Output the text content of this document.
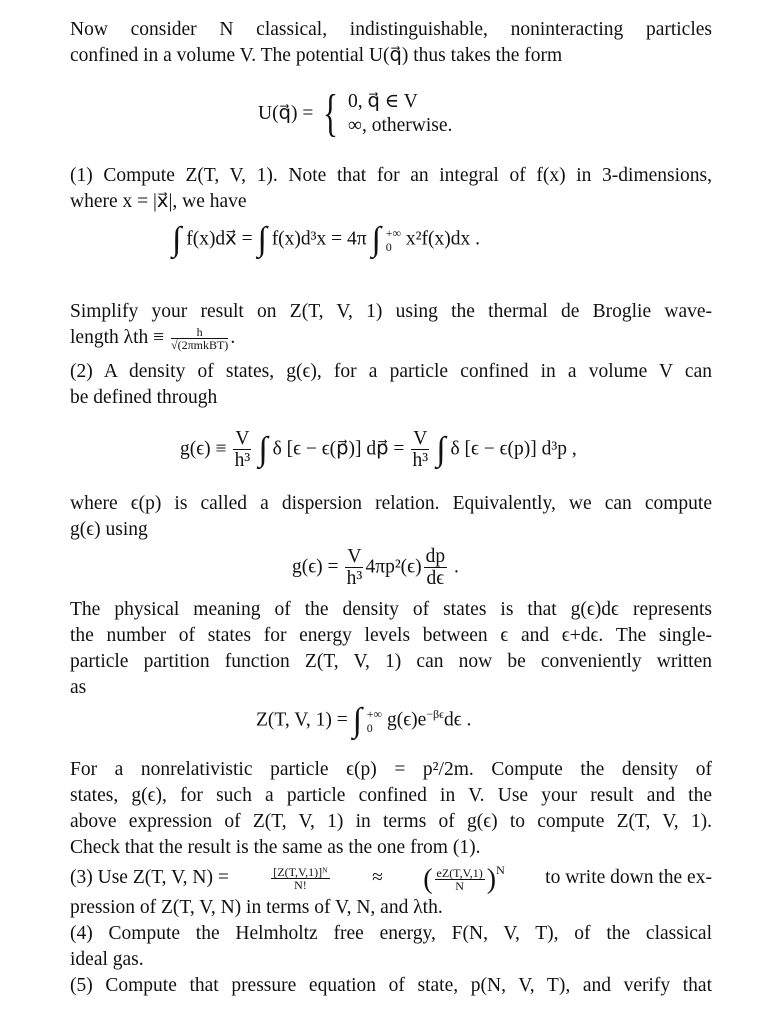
Now consider N classical, indistinguishable, noninteracting particles
confined in a volume V. The potential U(q⃗) thus takes the form
U(q⃗) = { 0, q⃗ ∈ V
∞, otherwise.
(1) Compute Z(T, V, 1). Note that for an integral of f(x) in 3-dimensions,
where x = |x⃗|, we have
∫ f(x)dx⃗ = ∫ f(x)d³x = 4π ∫ +∞
0 x²f(x)dx .
Simplify your result on Z(T, V, 1) using the thermal de Broglie wave-
length $\lambda th \equiv \frac{h}{\text{√(2πmkBT)}}$ .
(2) A density of states, g(ϵ), for a particle confined in a volume V can
be defined through
$g(\epsilon) \equiv \frac{V}{\text{h³}}$ ∫ δ [ϵ − ϵ(p⃗)] dp⃗ = $\frac{V}{\text{h³}}$ ∫ δ [ϵ − ϵ(p)] d³p ,
where ϵ(p) is called a dispersion relation. Equivalently, we can compute
g(ϵ) using
$g(\epsilon) = \frac{V}{\text{h³}} 4\pi p^2(\epsilon) \frac{dp}{d\epsilon}$ .
The physical meaning of the density of states is that g(ϵ)dϵ represents
the number of states for energy levels between ϵ and ϵ+dϵ. The single-
particle partition function Z(T, V, 1) can now be conveniently written
as
Z(T, V, 1) = ∫ +∞
0 $g(\epsilon)e^{-\beta\epsilon}d\epsilon$ .
For a nonrelativistic particle ϵ(p) = p²/2m. Compute the density of
states, g(ϵ), for such a particle confined in V. Use your result and the
above expression of Z(T, V, 1) in terms of g(ϵ) to compute Z(T, V, 1).
Check that the result is the same as the one from (1).
(3) Use Z(T, V, N) =	$\frac{\text{[Z(T,V,1)]ᴺ}}{N!}$ ≈ ( $\frac{eZ(T,V,1)}{N} )^N$ to write down the ex-
pression of Z(T, V, N) in terms of V, N, and λth.
(4) Compute the Helmholtz free energy, F(N, V, T), of the classical
ideal gas.
(5) Compute that pressure equation of state, p(N, V, T), and verify that
